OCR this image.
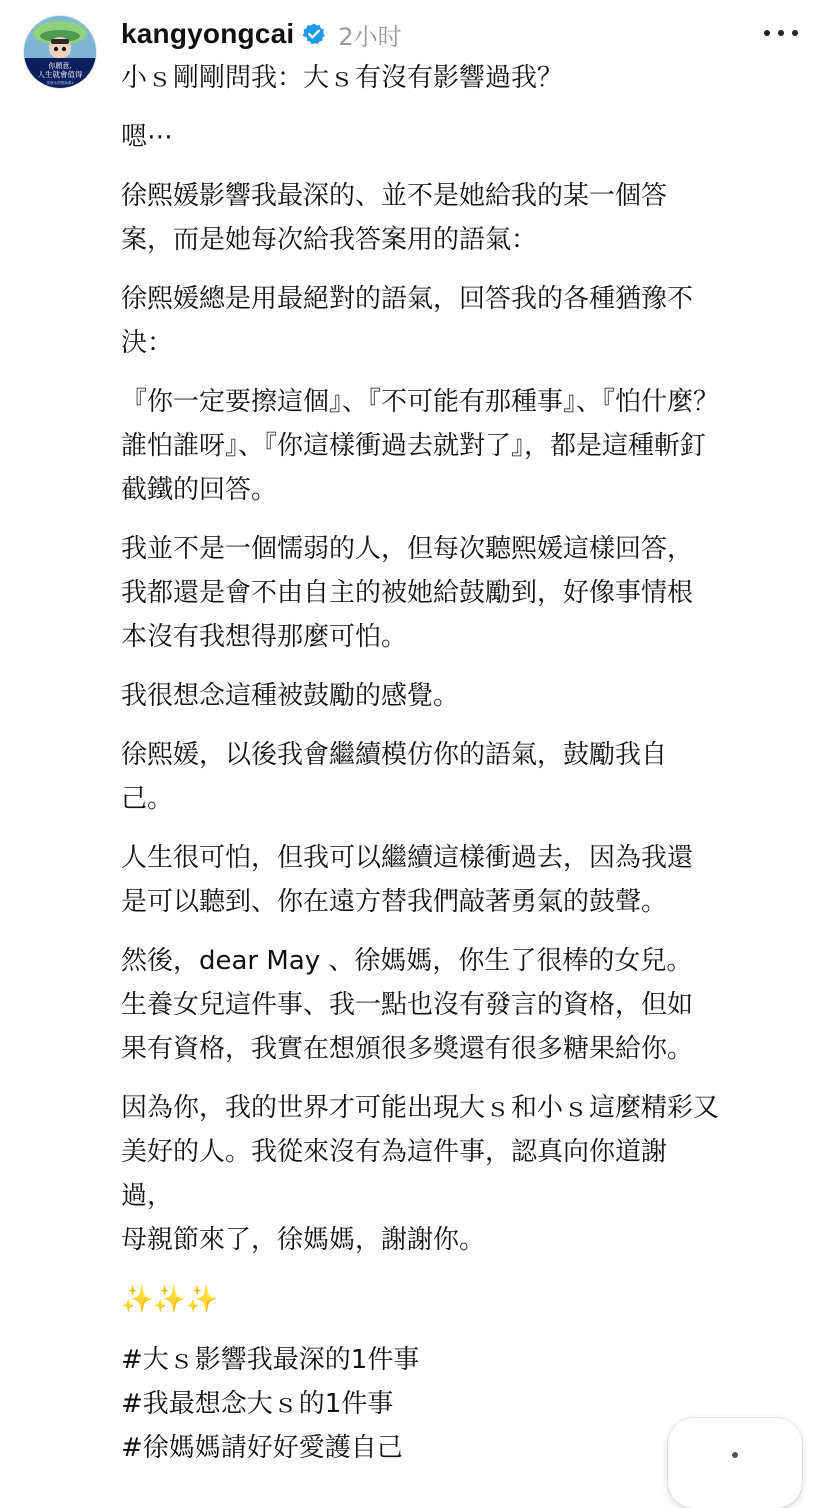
你願意,
人生就會值得
蔡康永的情商課3
kangyongcai 2小时

小ｓ剛剛問我：大ｓ有沒有影響過我？

嗯⋯

徐熙媛影響我最深的、並不是她給我的某一個答
案，而是她每次給我答案用的語氣：

徐熙媛總是用最絕對的語氣，回答我的各種猶豫不
決：

『你一定要擦這個』、『不可能有那種事』、『怕什麼？
誰怕誰呀』、『你這樣衝過去就對了』，都是這種斬釘
截鐵的回答。

我並不是一個懦弱的人，但每次聽熙媛這樣回答，
我都還是會不由自主的被她給鼓勵到，好像事情根
本沒有我想得那麼可怕。

我很想念這種被鼓勵的感覺。

徐熙媛，以後我會繼續模仿你的語氣，鼓勵我自
己。

人生很可怕，但我可以繼續這樣衝過去，因為我還
是可以聽到、你在遠方替我們敲著勇氣的鼓聲。

然後，dear May 、徐媽媽，你生了很棒的女兒。
生養女兒這件事、我一點也沒有發言的資格，但如
果有資格，我實在想頒很多獎還有很多糖果給你。

因為你，我的世界才可能出現大ｓ和小ｓ這麼精彩又
美好的人。我從來沒有為這件事，認真向你道謝
過，
母親節來了，徐媽媽，謝謝你。

✨✨✨

#大ｓ影響我最深的1件事
#我最想念大ｓ的1件事
#徐媽媽請好好愛護自己
